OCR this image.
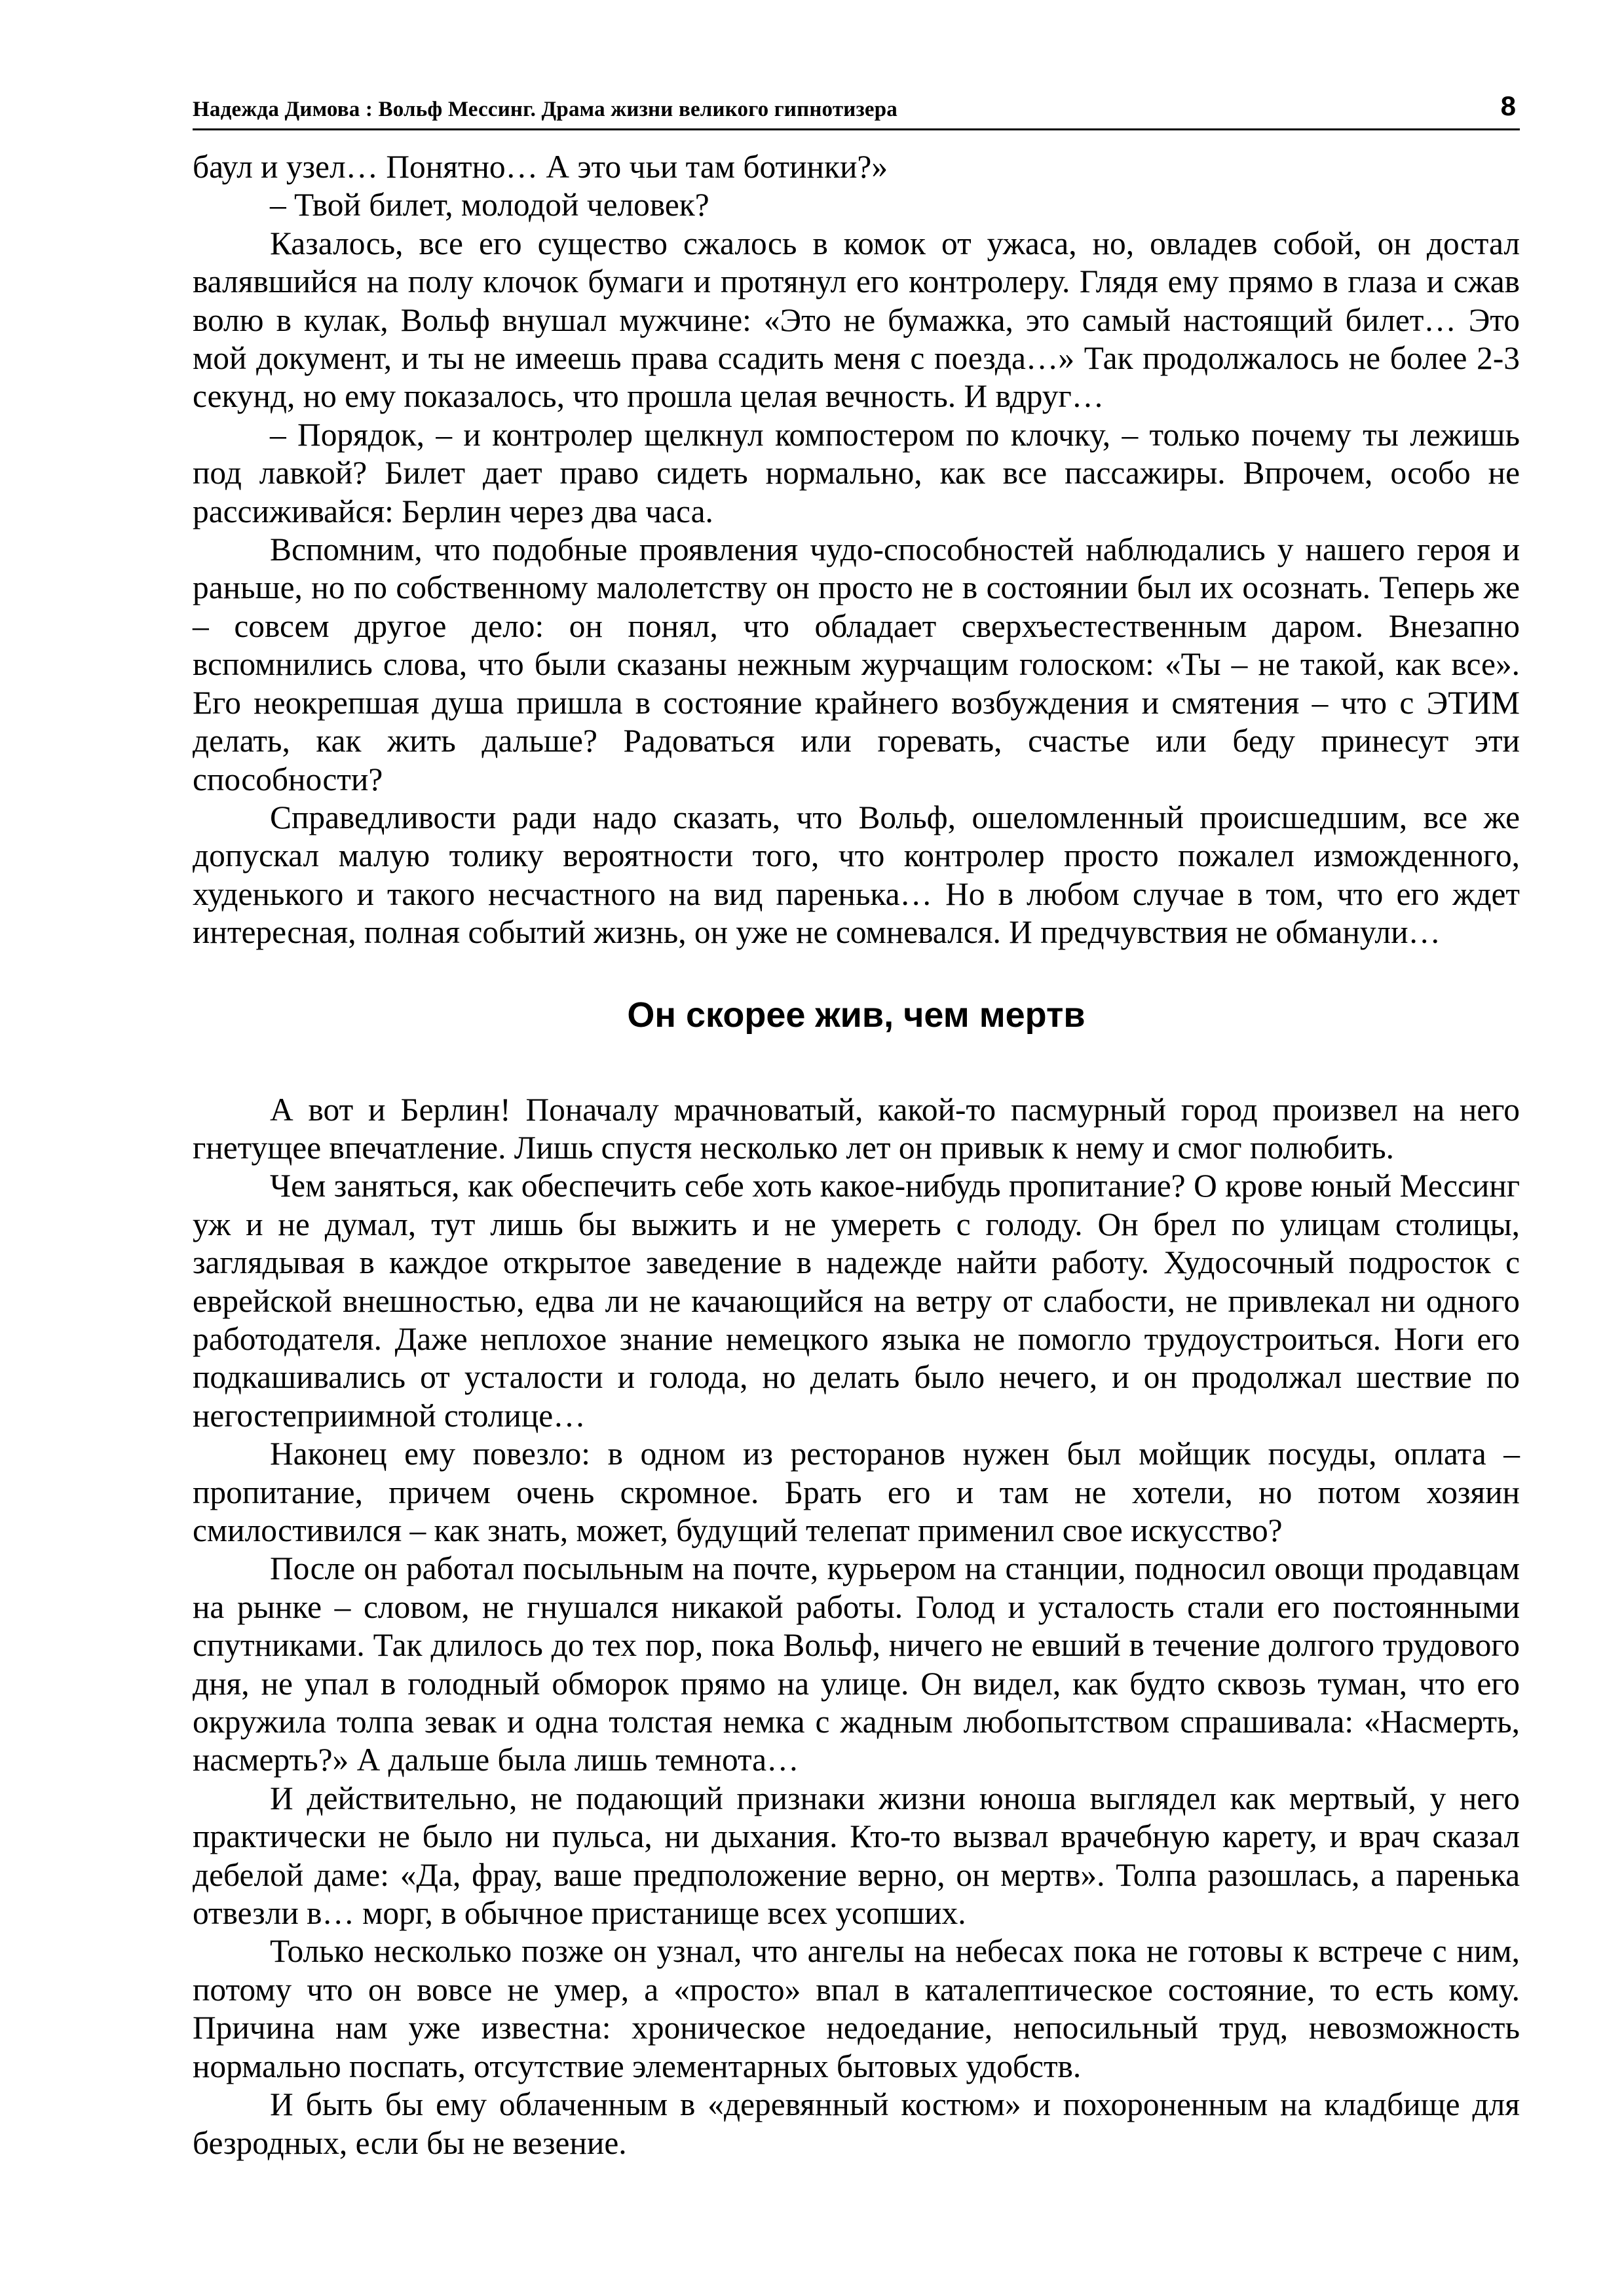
Надежда Димова : Вольф Мессинг. Драма жизни великого гипнотизера	8

баул и узел… Понятно… А это чьи там ботинки?»

– Твой билет, молодой человек?

Казалось, все его существо сжалось в комок от ужаса, но, овладев собой, он достал валявшийся на полу клочок бумаги и протянул его контролеру. Глядя ему прямо в глаза и сжав волю в кулак, Вольф внушал мужчине: «Это не бумажка, это самый настоящий билет… Это мой документ, и ты не имеешь права ссадить меня с поезда…» Так продолжалось не более 2-3 секунд, но ему показалось, что прошла целая вечность. И вдруг…

– Порядок, – и контролер щелкнул компостером по клочку, – только почему ты лежишь под лавкой? Билет дает право сидеть нормально, как все пассажиры. Впрочем, особо не рассиживайся: Берлин через два часа.

Вспомним, что подобные проявления чудо-способностей наблюдались у нашего героя и раньше, но по собственному малолетству он просто не в состоянии был их осознать. Теперь же – совсем другое дело: он понял, что обладает сверхъестественным даром. Внезапно вспомнились слова, что были сказаны нежным журчащим голоском: «Ты – не такой, как все». Его неокрепшая душа пришла в состояние крайнего возбуждения и смятения – что с ЭТИМ делать, как жить дальше? Радоваться или горевать, счастье или беду принесут эти способности?

Справедливости ради надо сказать, что Вольф, ошеломленный происшедшим, все же допускал малую толику вероятности того, что контролер просто пожалел изможденного, худенького и такого несчастного на вид паренька… Но в любом случае в том, что его ждет интересная, полная событий жизнь, он уже не сомневался. И предчувствия не обманули…

Он скорее жив, чем мертв

А вот и Берлин! Поначалу мрачноватый, какой-то пасмурный город произвел на него гнетущее впечатление. Лишь спустя несколько лет он привык к нему и смог полюбить.

Чем заняться, как обеспечить себе хоть какое-нибудь пропитание? О крове юный Мессинг уж и не думал, тут лишь бы выжить и не умереть с голоду. Он брел по улицам столицы, заглядывая в каждое открытое заведение в надежде найти работу. Худосочный подросток с еврейской внешностью, едва ли не качающийся на ветру от слабости, не привлекал ни одного работодателя. Даже неплохое знание немецкого языка не помогло трудоустроиться. Ноги его подкашивались от усталости и голода, но делать было нечего, и он продолжал шествие по негостеприимной столице…

Наконец ему повезло: в одном из ресторанов нужен был мойщик посуды, оплата – пропитание, причем очень скромное. Брать его и там не хотели, но потом хозяин смилостивился – как знать, может, будущий телепат применил свое искусство?

После он работал посыльным на почте, курьером на станции, подносил овощи продавцам на рынке – словом, не гнушался никакой работы. Голод и усталость стали его постоянными спутниками. Так длилось до тех пор, пока Вольф, ничего не евший в течение долгого трудового дня, не упал в голодный обморок прямо на улице. Он видел, как будто сквозь туман, что его окружила толпа зевак и одна толстая немка с жадным любопытством спрашивала: «Насмерть, насмерть?» А дальше была лишь темнота…

И действительно, не подающий признаки жизни юноша выглядел как мертвый, у него практически не было ни пульса, ни дыхания. Кто-то вызвал врачебную карету, и врач сказал дебелой даме: «Да, фрау, ваше предположение верно, он мертв». Толпа разошлась, а паренька отвезли в… морг, в обычное пристанище всех усопших.

Только несколько позже он узнал, что ангелы на небесах пока не готовы к встрече с ним, потому что он вовсе не умер, а «просто» впал в каталептическое состояние, то есть кому. Причина нам уже известна: хроническое недоедание, непосильный труд, невозможность нормально поспать, отсутствие элементарных бытовых удобств.

И быть бы ему облаченным в «деревянный костюм» и похороненным на кладбище для безродных, если бы не везение.
